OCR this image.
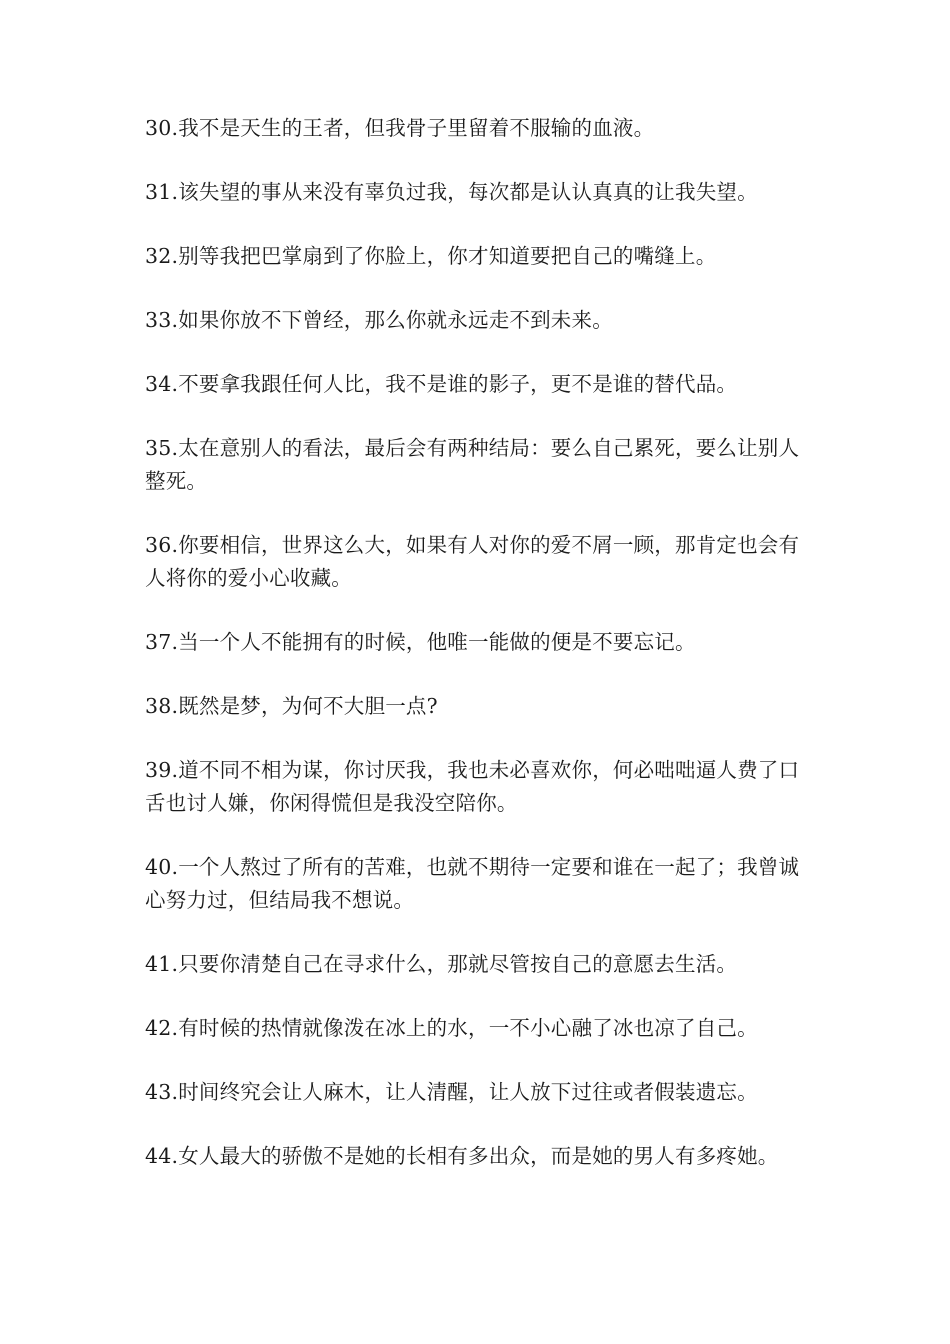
30.我不是天生的王者，但我骨子里留着不服输的血液。

31.该失望的事从来没有辜负过我，每次都是认认真真的让我失望。

32.别等我把巴掌扇到了你脸上，你才知道要把自己的嘴缝上。

33.如果你放不下曾经，那么你就永远走不到未来。

34.不要拿我跟任何人比，我不是谁的影子，更不是谁的替代品。

35.太在意别人的看法，最后会有两种结局：要么自己累死，要么让别人整死。

36.你要相信，世界这么大，如果有人对你的爱不屑一顾，那肯定也会有人将你的爱小心收藏。

37.当一个人不能拥有的时候，他唯一能做的便是不要忘记。

38.既然是梦，为何不大胆一点?

39.道不同不相为谋，你讨厌我，我也未必喜欢你，何必咄咄逼人费了口舌也讨人嫌，你闲得慌但是我没空陪你。

40.一个人熬过了所有的苦难，也就不期待一定要和谁在一起了；我曾诚心努力过，但结局我不想说。

41.只要你清楚自己在寻求什么，那就尽管按自己的意愿去生活。

42.有时候的热情就像泼在冰上的水，一不小心融了冰也凉了自己。

43.时间终究会让人麻木，让人清醒，让人放下过往或者假装遗忘。

44.女人最大的骄傲不是她的长相有多出众，而是她的男人有多疼她。
